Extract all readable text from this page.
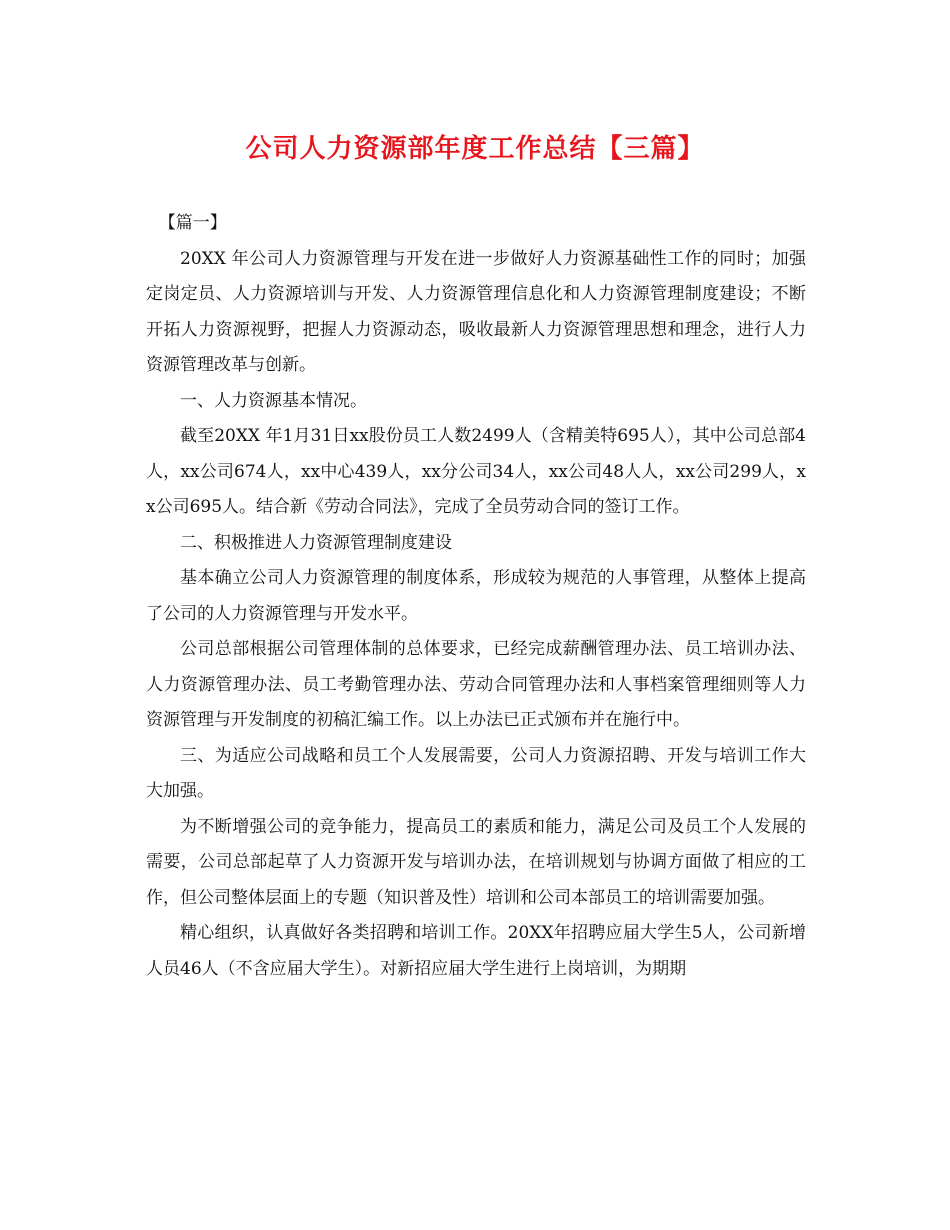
公司人力资源部年度工作总结【三篇】

【篇一】

20XX 年公司人力资源管理与开发在进一步做好人力资源基础性工作的同时；加强定岗定员、人力资源培训与开发、人力资源管理信息化和人力资源管理制度建设；不断开拓人力资源视野，把握人力资源动态，吸收最新人力资源管理思想和理念，进行人力资源管理改革与创新。

一、人力资源基本情况。

截至20XX 年1月31日xx股份员工人数2499人（含精美特695人），其中公司总部4人，xx公司674人，xx中心439人，xx分公司34人，xx公司48人人，xx公司299人，xx公司695人。结合新《劳动合同法》，完成了全员劳动合同的签订工作。

二、积极推进人力资源管理制度建设

基本确立公司人力资源管理的制度体系，形成较为规范的人事管理，从整体上提高了公司的人力资源管理与开发水平。

公司总部根据公司管理体制的总体要求，已经完成薪酬管理办法、员工培训办法、人力资源管理办法、员工考勤管理办法、劳动合同管理办法和人事档案管理细则等人力资源管理与开发制度的初稿汇编工作。以上办法已正式颁布并在施行中。

三、为适应公司战略和员工个人发展需要，公司人力资源招聘、开发与培训工作大大加强。

为不断增强公司的竞争能力，提高员工的素质和能力，满足公司及员工个人发展的需要，公司总部起草了人力资源开发与培训办法，在培训规划与协调方面做了相应的工作，但公司整体层面上的专题（知识普及性）培训和公司本部员工的培训需要加强。

精心组织，认真做好各类招聘和培训工作。20XX年招聘应届大学生5人，公司新增人员46人（不含应届大学生）。对新招应届大学生进行上岗培训，为期期
